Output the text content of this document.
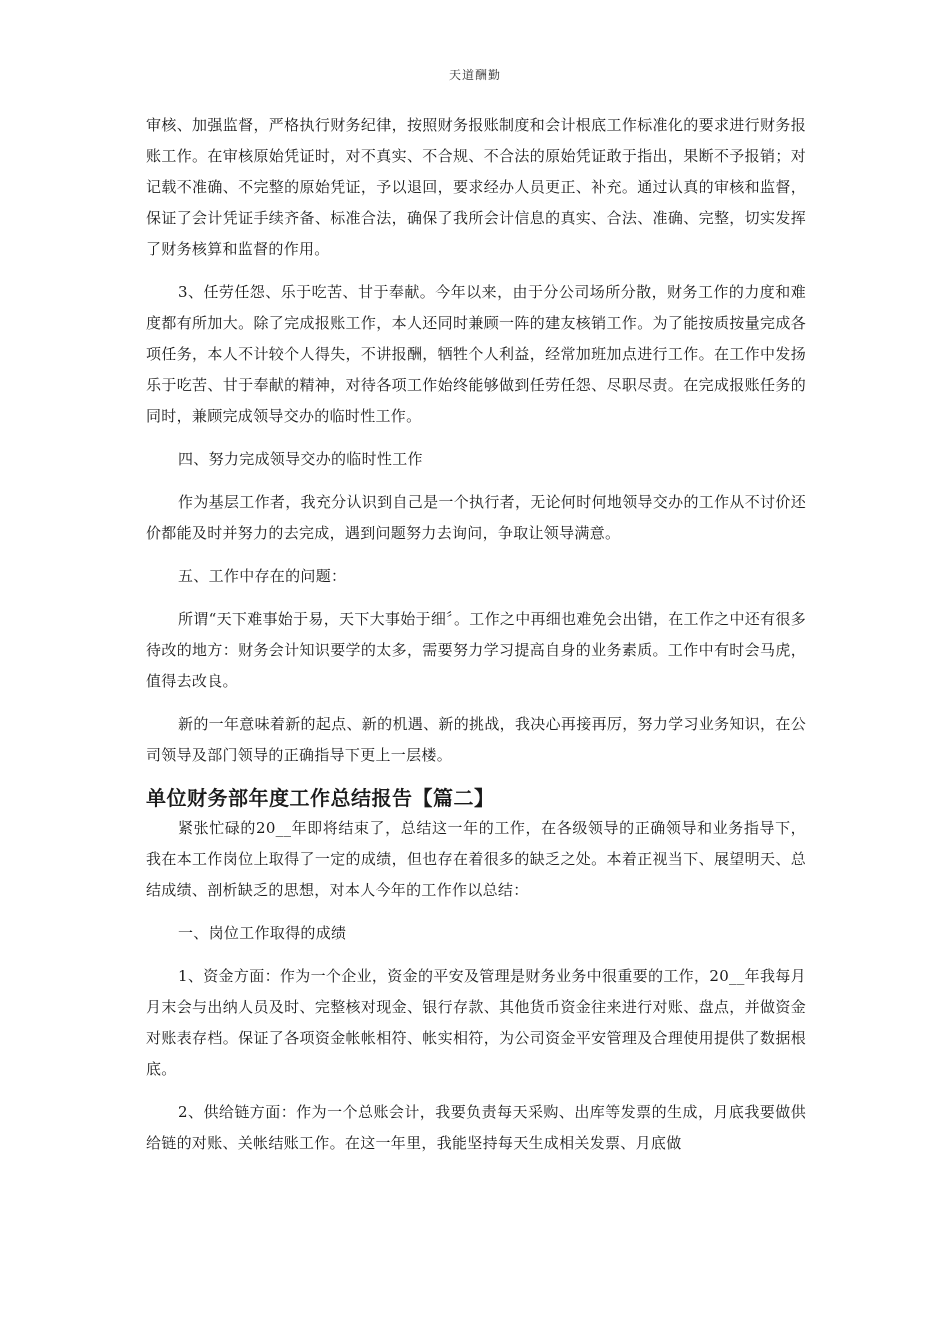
天道酬勤

审核、加强监督，严格执行财务纪律，按照财务报账制度和会计根底工作标准化的要求进行财务报账工作。在审核原始凭证时，对不真实、不合规、不合法的原始凭证敢于指出，果断不予报销；对记载不准确、不完整的原始凭证，予以退回，要求经办人员更正、补充。通过认真的审核和监督，保证了会计凭证手续齐备、标准合法，确保了我所会计信息的真实、合法、准确、完整，切实发挥了财务核算和监督的作用。

3、任劳任怨、乐于吃苦、甘于奉献。今年以来，由于分公司场所分散，财务工作的力度和难度都有所加大。除了完成报账工作，本人还同时兼顾一阵的建友核销工作。为了能按质按量完成各项任务，本人不计较个人得失，不讲报酬，牺牲个人利益，经常加班加点进行工作。在工作中发扬乐于吃苦、甘于奉献的精神，对待各项工作始终能够做到任劳任怨、尽职尽责。在完成报账任务的同时，兼顾完成领导交办的临时性工作。

四、努力完成领导交办的临时性工作

作为基层工作者，我充分认识到自己是一个执行者，无论何时何地领导交办的工作从不讨价还价都能及时并努力的去完成，遇到问题努力去询问，争取让领导满意。

五、工作中存在的问题：

所谓“天下难事始于易，天下大事始于细〞。工作之中再细也难免会出错，在工作之中还有很多待改的地方：财务会计知识要学的太多，需要努力学习提高自身的业务素质。工作中有时会马虎，值得去改良。

新的一年意味着新的起点、新的机遇、新的挑战，我决心再接再厉，努力学习业务知识，在公司领导及部门领导的正确指导下更上一层楼。

单位财务部年度工作总结报告【篇二】

紧张忙碌的20__年即将结束了，总结这一年的工作，在各级领导的正确领导和业务指导下，我在本工作岗位上取得了一定的成绩，但也存在着很多的缺乏之处。本着正视当下、展望明天、总结成绩、剖析缺乏的思想，对本人今年的工作作以总结：

一、岗位工作取得的成绩

1、资金方面：作为一个企业，资金的平安及管理是财务业务中很重要的工作，20__年我每月月末会与出纳人员及时、完整核对现金、银行存款、其他货币资金往来进行对账、盘点，并做资金对账表存档。保证了各项资金帐帐相符、帐实相符，为公司资金平安管理及合理使用提供了数据根底。

2、供给链方面：作为一个总账会计，我要负责每天采购、出库等发票的生成，月底我要做供给链的对账、关帐结账工作。在这一年里，我能坚持每天生成相关发票、月底做
